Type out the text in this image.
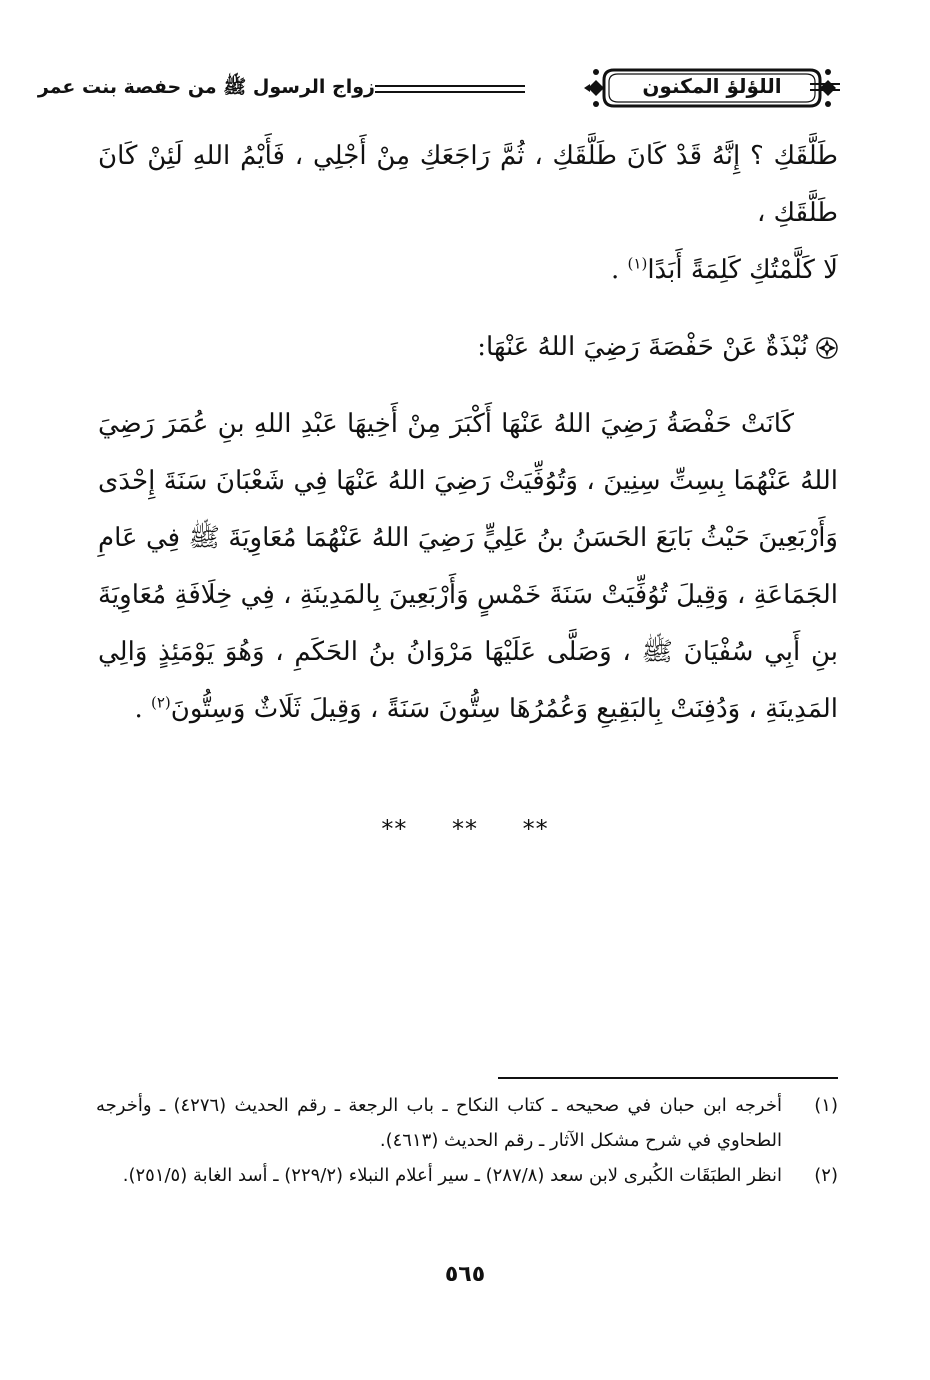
اللؤلؤ المكنون
زواج الرسول ﷺ من حفصة بنت عمر

طَلَّقَكِ ؟ إِنَّهُ قَدْ كَانَ طَلَّقَكِ ، ثُمَّ رَاجَعَكِ مِنْ أَجْلِي ، فَأَيْمُ اللهِ لَئِنْ كَانَ طَلَّقَكِ ،

لَا كَلَّمْتُكِ كَلِمَةً أَبَدًا$^{(١)}$ .

نُبْذَةٌ عَنْ حَفْصَةَ رَضِيَ اللهُ عَنْهَا:

كَانَتْ حَفْصَةُ رَضِيَ اللهُ عَنْهَا أَكْبَرَ مِنْ أَخِيهَا عَبْدِ اللهِ بنِ عُمَرَ رَضِيَ اللهُ عَنْهُمَا بِسِتِّ سِنِينَ ، وَتُوُفِّيَتْ رَضِيَ اللهُ عَنْهَا فِي شَعْبَانَ سَنَةَ إِحْدَى وَأَرْبَعِينَ حَيْثُ بَايَعَ الحَسَنُ بنُ عَلِيٍّ رَضِيَ اللهُ عَنْهُمَا مُعَاوِيَةَ ﷺ فِي عَامِ الجَمَاعَةِ ، وَقِيلَ تُوُفِّيَتْ سَنَةَ خَمْسٍ وَأَرْبَعِينَ بِالمَدِينَةِ ، فِي خِلَافَةِ مُعَاوِيَةَ بنِ أَبِي سُفْيَانَ ﷺ ، وَصَلَّى عَلَيْهَا مَرْوَانُ بنُ الحَكَمِ ، وَهُوَ يَوْمَئِذٍ وَالِي المَدِينَةِ ، وَدُفِنَتْ بِالبَقِيعِ وَعُمُرُهَا سِتُّونَ سَنَةً ، وَقِيلَ ثَلَاثٌ وَسِتُّونَ$^{(٢)}$ .

** ** **
(١)
أخرجه ابن حبان في صحيحه ـ كتاب النكاح ـ باب الرجعة ـ رقم الحديث (٤٢٧٦) ـ وأخرجه الطحاوي في شرح مشكل الآثار ـ رقم الحديث (٤٦١٣).
(٢)
انظر الطبَقَات الكُبرى لابن سعد (٢٨٧/٨) ـ سير أعلام النبلاء (٢٢٩/٢) ـ أسد الغابة (٢٥١/٥).
٥٦٥
